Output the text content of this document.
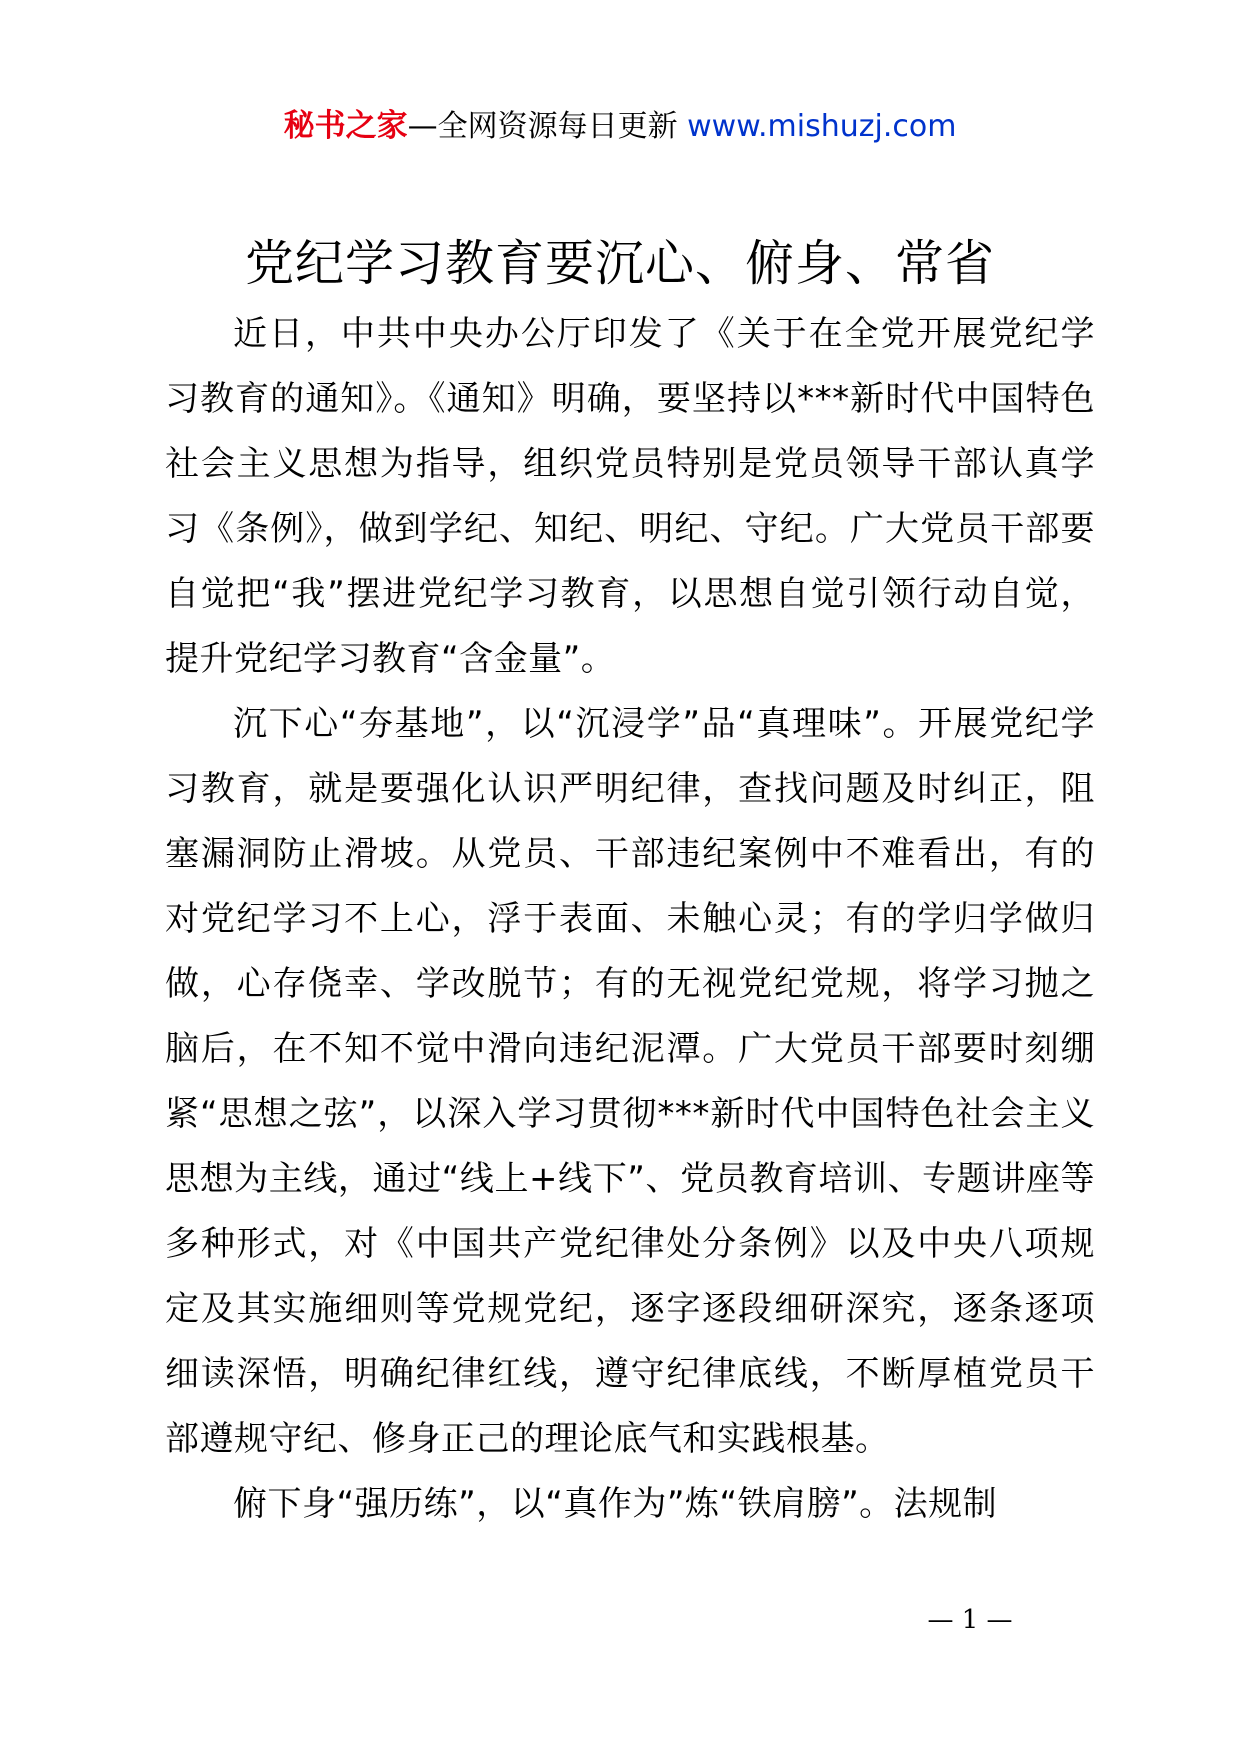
秘书之家—全网资源每日更新 www.mishuzj.com
党纪学习教育要沉心、俯身、常省

近日，中共中央办公厅印发了《关于在全党开展党纪学习教育的通知》。《通知》明确，要坚持以***新时代中国特色社会主义思想为指导，组织党员特别是党员领导干部认真学习《条例》，做到学纪、知纪、明纪、守纪。广大党员干部要自觉把“我”摆进党纪学习教育，以思想自觉引领行动自觉，提升党纪学习教育“含金量”。

沉下心“夯基地”，以“沉浸学”品“真理味”。开展党纪学习教育，就是要强化认识严明纪律，查找问题及时纠正，阻塞漏洞防止滑坡。从党员、干部违纪案例中不难看出，有的对党纪学习不上心，浮于表面、未触心灵；有的学归学做归做，心存侥幸、学改脱节；有的无视党纪党规，将学习抛之脑后，在不知不觉中滑向违纪泥潭。广大党员干部要时刻绷紧“思想之弦”，以深入学习贯彻***新时代中国特色社会主义思想为主线，通过“线上+线下”、党员教育培训、专题讲座等多种形式，对《中国共产党纪律处分条例》以及中央八项规定及其实施细则等党规党纪，逐字逐段细研深究，逐条逐项细读深悟，明确纪律红线，遵守纪律底线，不断厚植党员干部遵规守纪、修身正己的理论底气和实践根基。

俯下身“强历练”，以“真作为”炼“铁肩膀”。法规制

— 1 —
